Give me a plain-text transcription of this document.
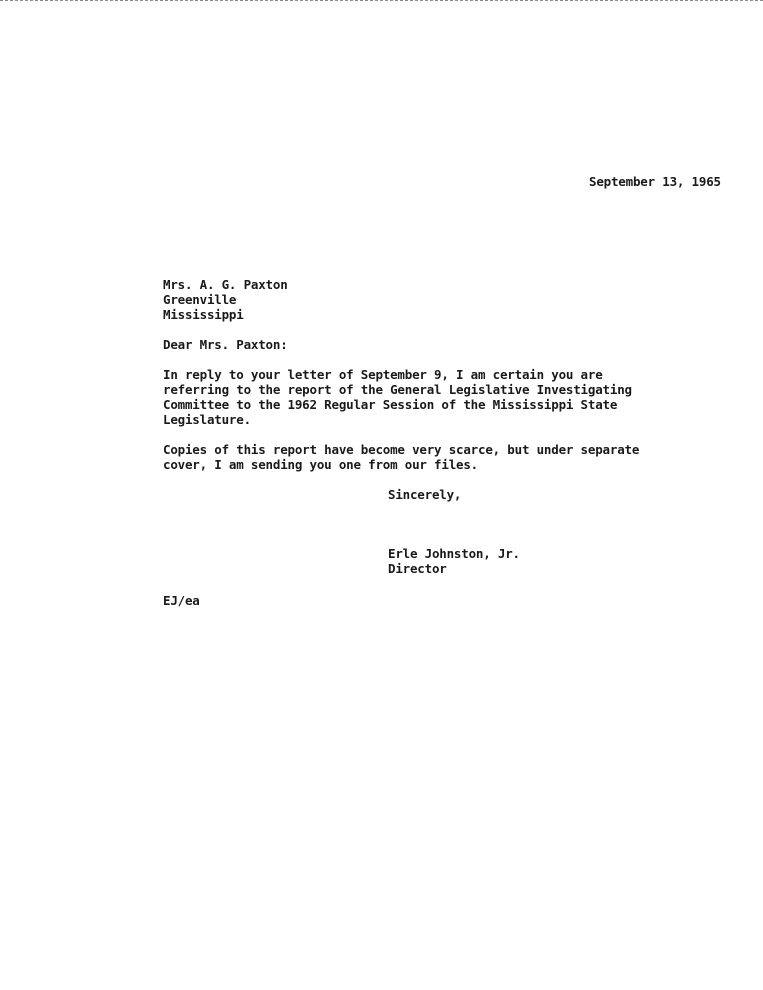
September 13, 1965
Mrs. A. G. Paxton
Greenville
Mississippi
Dear Mrs. Paxton:
In reply to your letter of September 9, I am certain you are
referring to the report of the General Legislative Investigating
Committee to the 1962 Regular Session of the Mississippi State
Legislature.
Copies of this report have become very scarce, but under separate
cover, I am sending you one from our files.
Sincerely,
Erle Johnston, Jr.
Director
EJ/ea
